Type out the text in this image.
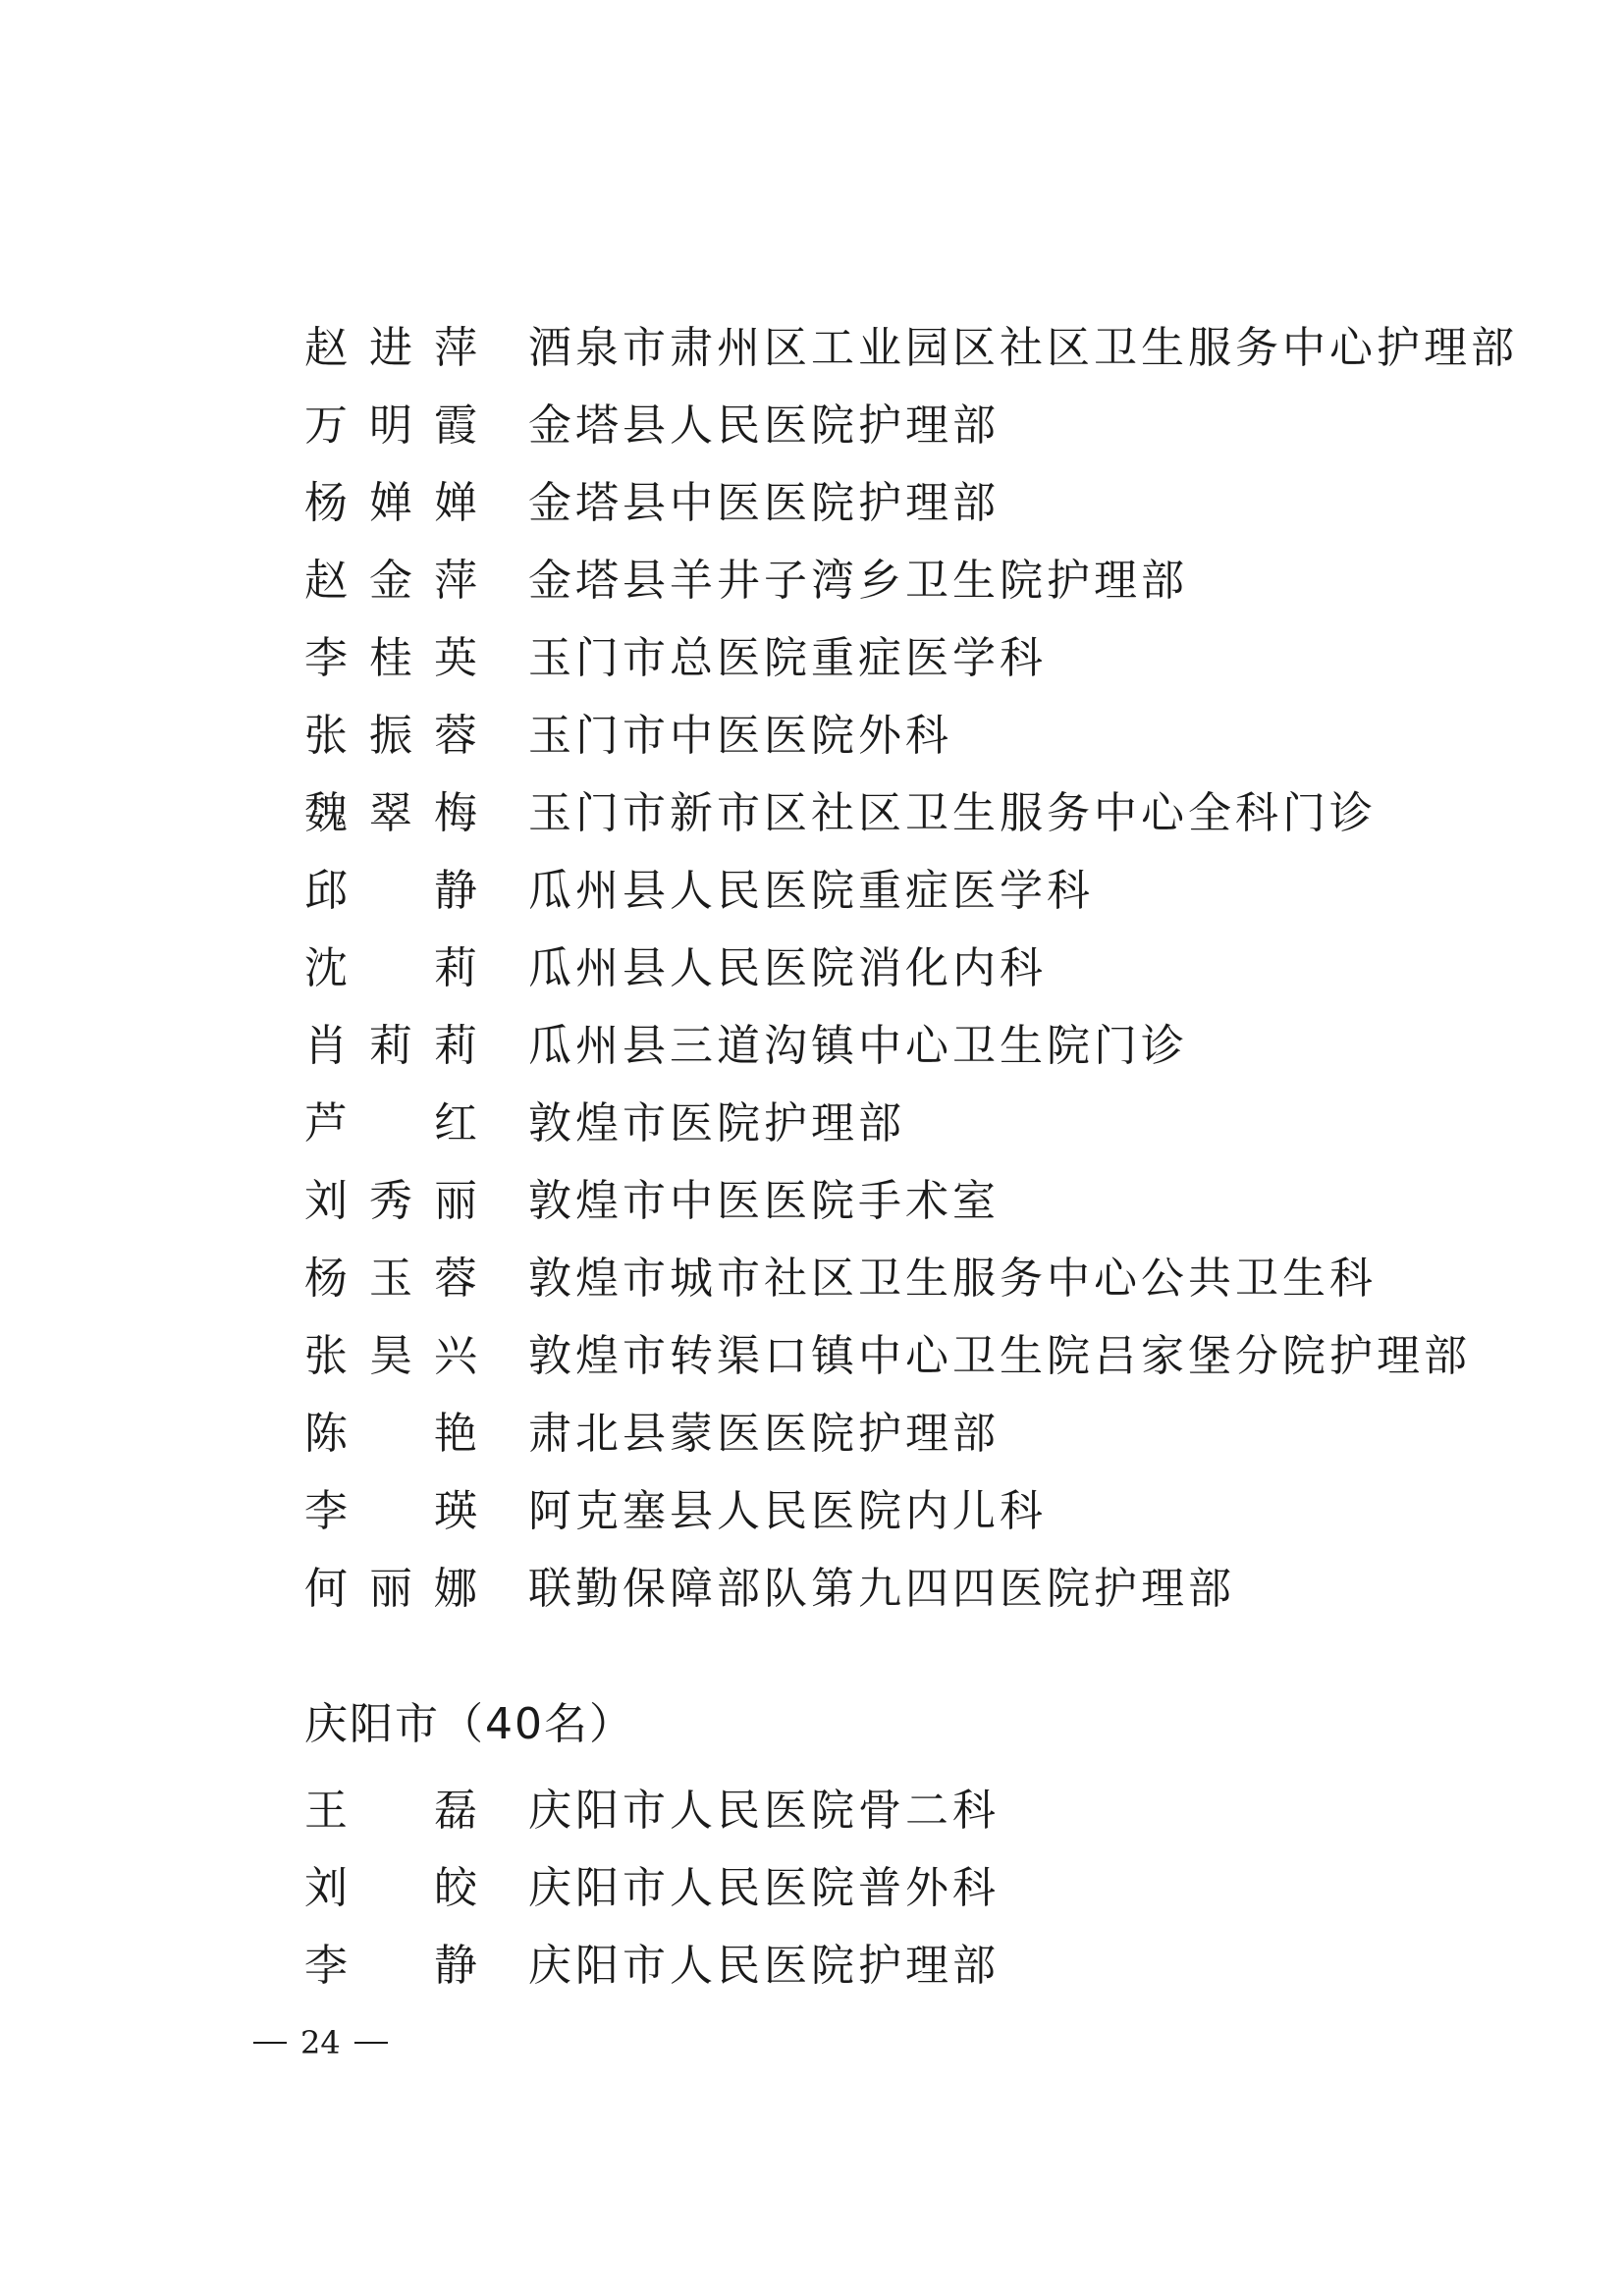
赵 进 萍 酒泉市肃州区工业园区社区卫生服务中心护理部
万 明 霞 金塔县人民医院护理部
杨 婵 婵 金塔县中医医院护理部
赵 金 萍 金塔县羊井子湾乡卫生院护理部
李 桂 英 玉门市总医院重症医学科
张 振 蓉 玉门市中医医院外科
魏 翠 梅 玉门市新市区社区卫生服务中心全科门诊
邱 静 瓜州县人民医院重症医学科
沈 莉 瓜州县人民医院消化内科
肖 莉 莉 瓜州县三道沟镇中心卫生院门诊
芦 红 敦煌市医院护理部
刘 秀 丽 敦煌市中医医院手术室
杨 玉 蓉 敦煌市城市社区卫生服务中心公共卫生科
张 昊 兴 敦煌市转渠口镇中心卫生院吕家堡分院护理部
陈 艳 肃北县蒙医医院护理部
李 瑛 阿克塞县人民医院内儿科
何 丽 娜 联勤保障部队第九四四医院护理部
庆阳市（40名）
王 磊 庆阳市人民医院骨二科
刘 皎 庆阳市人民医院普外科
李 静 庆阳市人民医院护理部
24
